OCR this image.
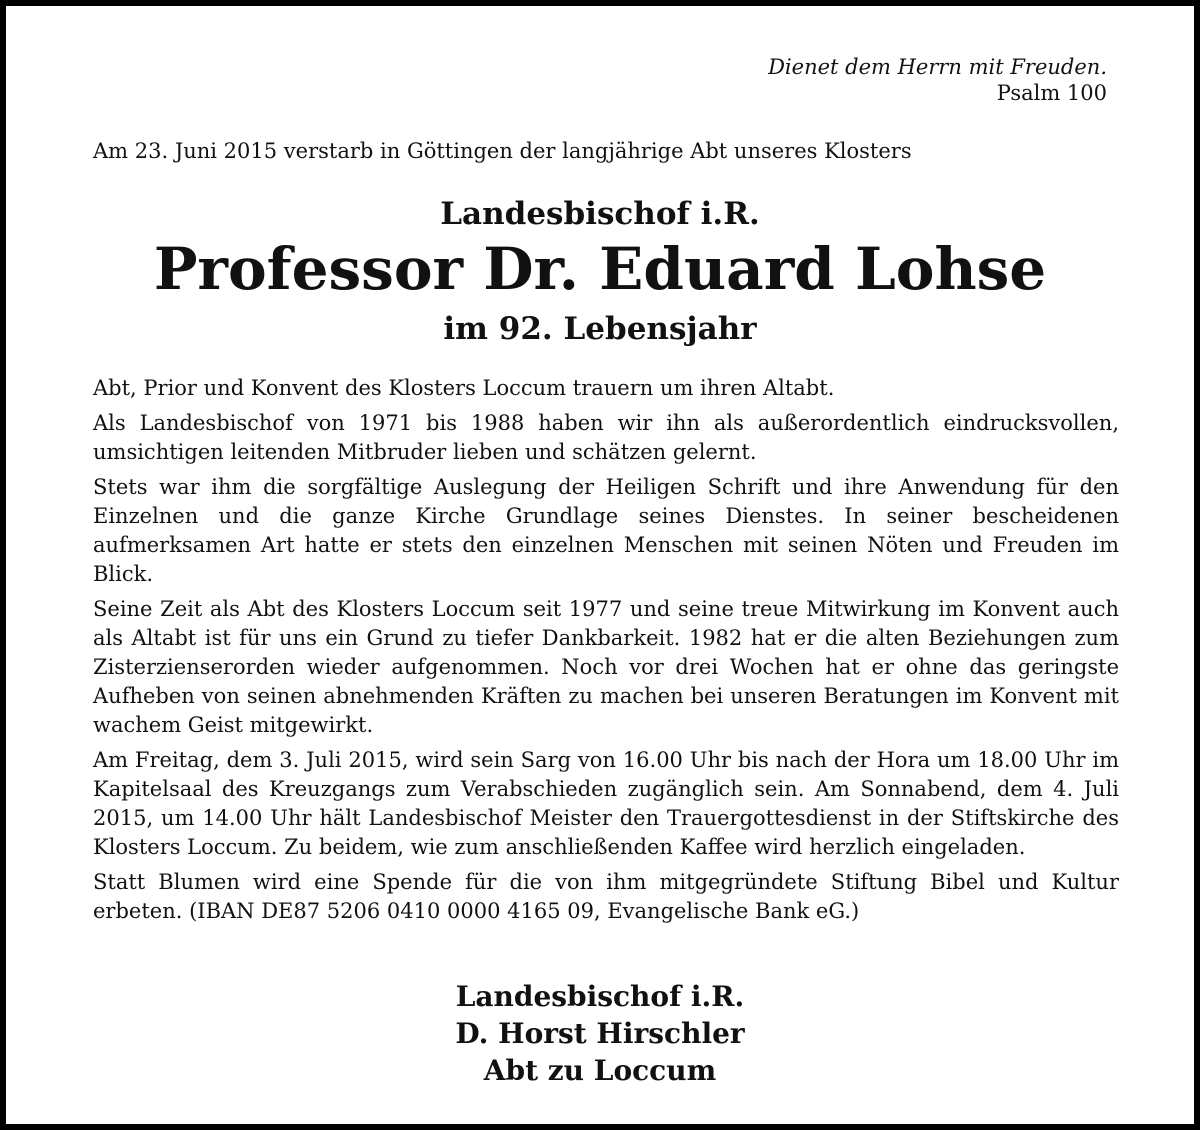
Dienet dem Herrn mit Freuden.
Psalm 100
Am 23. Juni 2015 verstarb in Göttingen der langjährige Abt unseres Klosters
Landesbischof i.R.
Professor Dr. Eduard Lohse
im 92. Lebensjahr

Abt, Prior und Konvent des Klosters Loccum trauern um ihren Altabt.

Als Landesbischof von 1971 bis 1988 haben wir ihn als außerordentlich eindrucksvollen, umsichtigen leitenden Mitbruder lieben und schätzen gelernt.

Stets war ihm die sorgfältige Auslegung der Heiligen Schrift und ihre Anwendung für den Einzelnen und die ganze Kirche Grundlage seines Dienstes. In seiner bescheidenen aufmerksamen Art hatte er stets den einzelnen Menschen mit seinen Nöten und Freuden im Blick.

Seine Zeit als Abt des Klosters Loccum seit 1977 und seine treue Mitwirkung im Konvent auch als Altabt ist für uns ein Grund zu tiefer Dankbarkeit. 1982 hat er die alten Beziehungen zum Zisterzienserorden wieder aufgenommen. Noch vor drei Wochen hat er ohne das geringste Aufheben von seinen abnehmenden Kräften zu machen bei unseren Beratungen im Konvent mit wachem Geist mitgewirkt.

Am Freitag, dem 3. Juli 2015, wird sein Sarg von 16.00 Uhr bis nach der Hora um 18.00 Uhr im Kapitelsaal des Kreuzgangs zum Verabschieden zugänglich sein. Am Sonnabend, dem 4. Juli 2015, um 14.00 Uhr hält Landesbischof Meister den Trauergottesdienst in der Stiftskirche des Klosters Loccum. Zu beidem, wie zum anschließenden Kaffee wird herzlich eingeladen.

Statt Blumen wird eine Spende für die von ihm mitgegründete Stiftung Bibel und Kultur erbeten. (IBAN DE87 5206 0410 0000 4165 09, Evangelische Bank eG.)

Landesbischof i.R.
D. Horst Hirschler
Abt zu Loccum
